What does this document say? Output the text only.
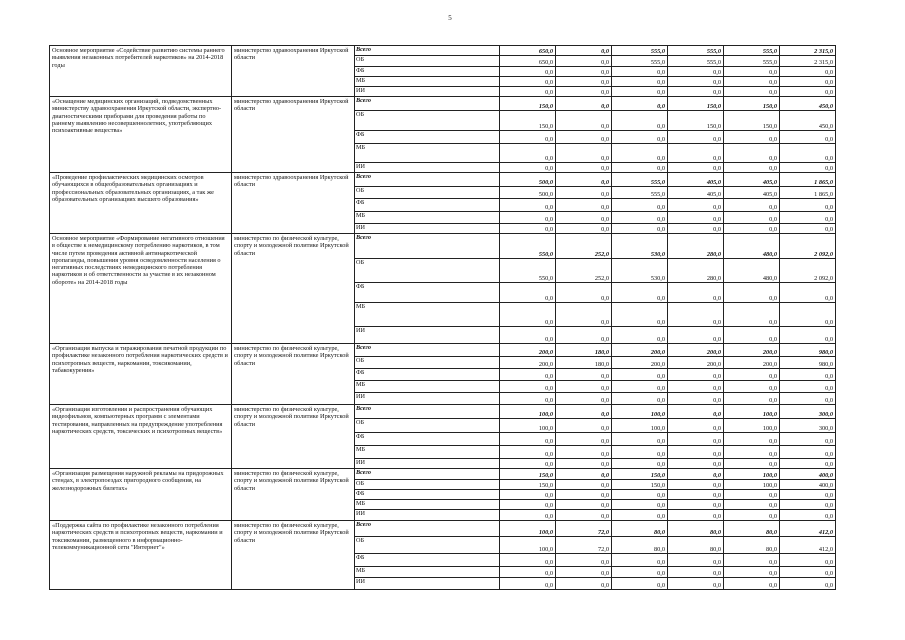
5
Основное мероприятие «Содействие развитию системы раннего выявления незаконных потребителей наркотиков» на 2014-2018 годы	министерство здравоохранения Иркутской области	Всего	650,0	0,0	555,0	555,0	555,0	2 315,0
		ОБ	650,0	0,0	555,0	555,0	555,0	2 315,0
		ФБ	0,0	0,0	0,0	0,0	0,0	0,0
		МБ	0,0	0,0	0,0	0,0	0,0	0,0
		ИИ	0,0	0,0	0,0	0,0	0,0	0,0
«Оснащение медицинских организаций, подведомственных министерству здравоохранения Иркутской области, экспертно-диагностическими приборами для проведения работы по раннему выявлению несовершеннолетних, употребляющих психоактивные вещества»	министерство здравоохранения Иркутской области	Всего	150,0	0,0	0,0	150,0	150,0	450,0
		ОБ	150,0	0,0	0,0	150,0	150,0	450,0
		ФБ	0,0	0,0	0,0	0,0	0,0	0,0
		МБ	0,0	0,0	0,0	0,0	0,0	0,0
		ИИ	0,0	0,0	0,0	0,0	0,0	0,0
«Проведение профилактических медицинских осмотров обучающихся в общеобразовательных организациях и профессиональных образовательных организациях, а так же образовательных организациях высшего образования»	министерство здравоохранения Иркутской области	Всего	500,0	0,0	555,0	405,0	405,0	1 865,0
		ОБ	500,0	0,0	555,0	405,0	405,0	1 865,0
		ФБ	0,0	0,0	0,0	0,0	0,0	0,0
		МБ	0,0	0,0	0,0	0,0	0,0	0,0
		ИИ	0,0	0,0	0,0	0,0	0,0	0,0
Основное мероприятие «Формирование негативного отношения в обществе к немедицинскому потреблению наркотиков, в том числе путем проведения активной антинаркотической пропаганды, повышения уровня осведомленности населения о негативных последствиях немедицинского потребления наркотиков и об ответственности за участие в их незаконном обороте» на 2014-2018 годы	министерство по физической культуре, спорту и молодежной политике Иркутской области	Всего	550,0	252,0	530,0	280,0	480,0	2 092,0
		ОБ	550,0	252,0	530,0	280,0	480,0	2 092,0
		ФБ	0,0	0,0	0,0	0,0	0,0	0,0
		МБ	0,0	0,0	0,0	0,0	0,0	0,0
		ИИ	0,0	0,0	0,0	0,0	0,0	0,0
«Организация выпуска и тиражирования печатной продукции по профилактике незаконного потребления наркотических средств и психотропных веществ, наркомании, токсикомании, табакокурения»	министерство по физической культуре, спорту и молодежной политике Иркутской области	Всего	200,0	180,0	200,0	200,0	200,0	980,0
		ОБ	200,0	180,0	200,0	200,0	200,0	980,0
		ФБ	0,0	0,0	0,0	0,0	0,0	0,0
		МБ	0,0	0,0	0,0	0,0	0,0	0,0
		ИИ	0,0	0,0	0,0	0,0	0,0	0,0
«Организация изготовления и распространения обучающих видеофильмов, компьютерных программ с элементами тестирования, направленных на предупреждение употребления наркотических средств, токсических и психотропных веществ»	министерство по физической культуре, спорту и молодежной политике Иркутской области	Всего	100,0	0,0	100,0	0,0	100,0	300,0
		ОБ	100,0	0,0	100,0	0,0	100,0	300,0
		ФБ	0,0	0,0	0,0	0,0	0,0	0,0
		МБ	0,0	0,0	0,0	0,0	0,0	0,0
		ИИ	0,0	0,0	0,0	0,0	0,0	0,0
«Организация размещения наружной рекламы на придорожных стендах, в электропоездах пригородного сообщения, на железнодорожных билетах»	министерство по физической культуре, спорту и молодежной политике Иркутской области	Всего	150,0	0,0	150,0	0,0	100,0	400,0
		ОБ	150,0	0,0	150,0	0,0	100,0	400,0
		ФБ	0,0	0,0	0,0	0,0	0,0	0,0
		МБ	0,0	0,0	0,0	0,0	0,0	0,0
		ИИ	0,0	0,0	0,0	0,0	0,0	0,0
«Поддержка сайта по профилактике незаконного потребления наркотических средств и психотропных веществ, наркомании и токсикомании, размещенного в информационно-телекоммуникационной сети "Интернет"»	министерство по физической культуре, спорту и молодежной политике Иркутской области	Всего	100,0	72,0	80,0	80,0	80,0	412,0
		ОБ	100,0	72,0	80,0	80,0	80,0	412,0
		ФБ	0,0	0,0	0,0	0,0	0,0	0,0
		МБ	0,0	0,0	0,0	0,0	0,0	0,0
		ИИ	0,0	0,0	0,0	0,0	0,0	0,0
